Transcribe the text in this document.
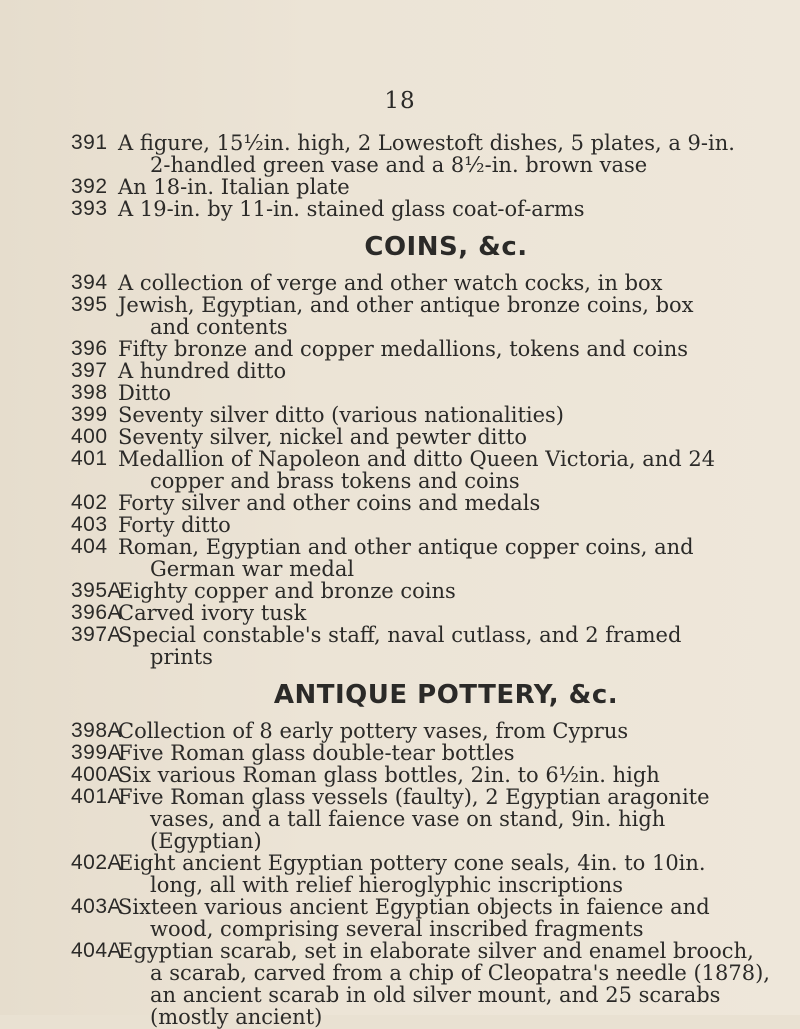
18
391 A figure, 15½in. high, 2 Lowestoft dishes, 5 plates, a 9-in.
2-handled green vase and a 8½-in. brown vase
392 An 18-in. Italian plate
393 A 19-in. by 11-in. stained glass coat-of-arms
COINS, &c.
394 A collection of verge and other watch cocks, in box
395 Jewish, Egyptian, and other antique bronze coins, box
and contents
396 Fifty bronze and copper medallions, tokens and coins
397 A hundred ditto
398 Ditto
399 Seventy silver ditto (various nationalities)
400 Seventy silver, nickel and pewter ditto
401 Medallion of Napoleon and ditto Queen Victoria, and 24
copper and brass tokens and coins
402 Forty silver and other coins and medals
403 Forty ditto
404 Roman, Egyptian and other antique copper coins, and
German war medal
395A
Eighty copper and bronze coins
396A
Carved ivory tusk
397A
Special constable's staff, naval cutlass, and 2 framed
prints
ANTIQUE POTTERY, &c.
398A
Collection of 8 early pottery vases, from Cyprus
399A
Five Roman glass double-tear bottles
400A
Six various Roman glass bottles, 2in. to 6½in. high
401A
Five Roman glass vessels (faulty), 2 Egyptian aragonite
vases, and a tall faience vase on stand, 9in. high
(Egyptian)
402A
Eight ancient Egyptian pottery cone seals, 4in. to 10in.
long, all with relief hieroglyphic inscriptions
403A
Sixteen various ancient Egyptian objects in faience and
wood, comprising several inscribed fragments
404A
Egyptian scarab, set in elaborate silver and enamel brooch,
a scarab, carved from a chip of Cleopatra's needle (1878),
an ancient scarab in old silver mount, and 25 scarabs
(mostly ancient)
